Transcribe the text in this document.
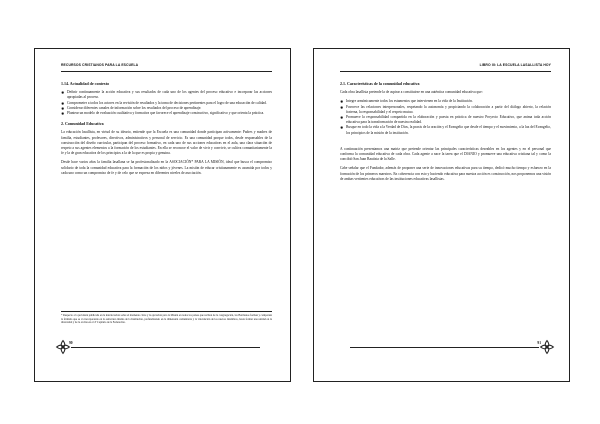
RECURSOS CRISTIANOS PARA LA ESCUELA
1.14. Actualidad de contexto
✹ Definir continuamente la acción educativa y sus resultados de cada uno de los agentes del proceso educativo e incorporar las acciones apropiadas al proceso.
✹ Comprometer a todos los actores en la revisión de resultados y la toma de decisiones pertinentes para el logro de una educación de calidad.
✹ Considerar diferentes canales de información sobre los resultados del proceso de aprendizaje.
✹ Plantear un modelo de evaluación cualitativa y formativa que favorece el aprendizaje constructivo, significativo y que orienta la práctica.
2. Comunidad Educativa
La educación lasallista, en virtud de su ideario, entiende que la Escuela es una comunidad donde participan activamente: Padres y madres de familia, estudiantes, profesores, directivos, administrativos y personal de servicio. Es una comunidad porque todos, desde responsables de la construcción del diseño curricular, participan del proceso formativo, en cada uno de sus acciones educativas en el aula, una clara situación de respeto a sus agentes elementos a la formación de los estudiantes. En ella se reconoce el valor de vivir y convivir, se cultiva comunitariamente la fe y la de gran educativa de los principios a la de la que es propia y genuina.
Desde hace varios años la familia lasallana se ha profesionalizado en la ASOCIACIÓN* PARA LA MISIÓN, ideal que busca el compromiso solidario de toda la comunidad educativa para la formación de los niños y jóvenes. La misión de educar cristianamente es asumida por todos y cada uno como un compromiso de fe y de celo que se expresa en diferentes niveles de asociación.
* Respecto a la previsión publicada en la interlocución sobre el momento clave y la ejecución para la Misión en todos los países que reciben de la congregación, los Hermanos forman y comparten la fórmula que se va incorporando en la estructura misma de la Institución, profundizando en la dimensión comunitaria y la vinculación de los nuevos miembros, hasta formar una unidad en la diversidad y de la acción en el 4º Capítulo de la Federación.
90
LIBRO III: LA ESCUELA LASALLISTA HOY
2.1. Características de la comunidad educativa
Cada obra lasallista pretende la de aspirar a constituirse en una auténtica comunidad educativa que:
✹ Integre armónicamente todos los estamentos que intervienen en la vida de la Institución.
✹ Favorece las relaciones interpersonales, respetando la autonomía y propiciando la colaboración a partir del diálogo abierto, la relación fraterna, la responsabilidad y el respeto mutuo.
✹ Promueve la responsabilidad compartida en la elaboración y puesta en práctica de nuestro Proyecto Educativo, que anima toda acción educativa para la transformación de nuestra realidad.
✹ Busque en todo la vida a la Verdad de Dios, la praxis de la oración y el Evangelio que desde el tiempo y el movimiento, a la luz del Evangelio, los principios de la misión de la institución.
A continuación presentamos una matriz que pretende orientar las principales características deseables en los agentes y en el personal que conforma la comunidad educativa de cada obra. Cada agente a nace la tarea que el DIANIO y promueve una educativa cristiana tal y como la concibió San Juan Bautista de la Salle.
Cabe señalar que el Fundador, además de proponer una serie de innovaciones educativas para su tiempo, dedicó mucho tiempo y esfuerzo en la formación de los primeros maestros. En coherencia con esto y haciendo educativa para nuestra acción es construcción, nos proponemos una visión de ambas vertientes educativas de las instituciones educativas lasallistas.
91
